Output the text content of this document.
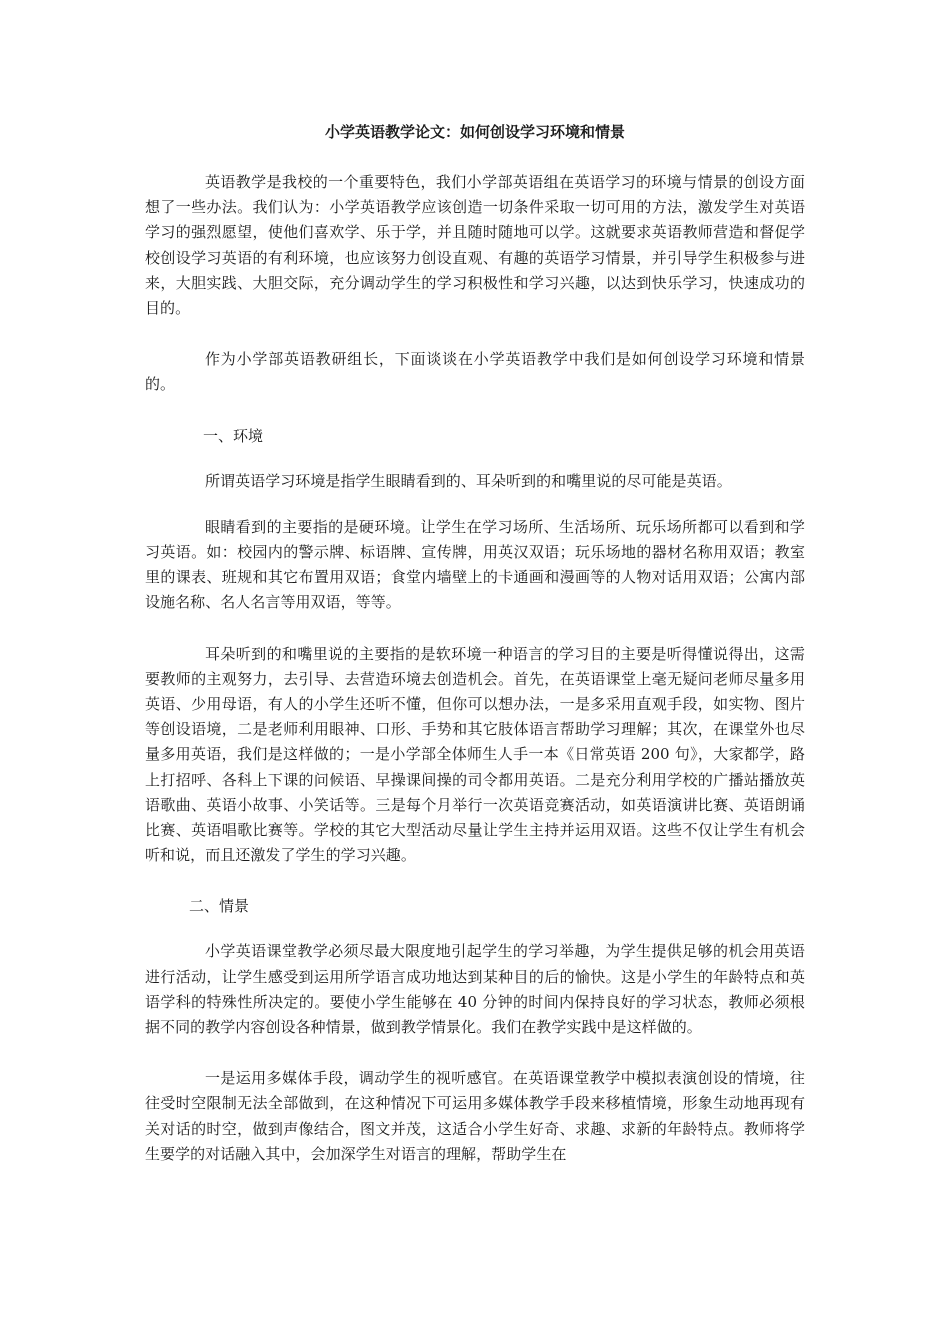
小学英语教学论文：如何创设学习环境和情景

英语教学是我校的一个重要特色，我们小学部英语组在英语学习的环境与情景的创设方面想了一些办法。我们认为：小学英语教学应该创造一切条件采取一切可用的方法，激发学生对英语学习的强烈愿望，使他们喜欢学、乐于学，并且随时随地可以学。这就要求英语教师营造和督促学校创设学习英语的有利环境，也应该努力创设直观、有趣的英语学习情景，并引导学生积极参与进来，大胆实践、大胆交际，充分调动学生的学习积极性和学习兴趣，以达到快乐学习，快速成功的目的。

作为小学部英语教研组长，下面谈谈在小学英语教学中我们是如何创设学习环境和情景的。

一、环境

所谓英语学习环境是指学生眼睛看到的、耳朵听到的和嘴里说的尽可能是英语。

眼睛看到的主要指的是硬环境。让学生在学习场所、生活场所、玩乐场所都可以看到和学习英语。如：校园内的警示牌、标语牌、宣传牌，用英汉双语；玩乐场地的器材名称用双语；教室里的课表、班规和其它布置用双语；食堂内墙壁上的卡通画和漫画等的人物对话用双语；公寓内部设施名称、名人名言等用双语，等等。

耳朵听到的和嘴里说的主要指的是软环境一种语言的学习目的主要是听得懂说得出，这需要教师的主观努力，去引导、去营造环境去创造机会。首先，在英语课堂上毫无疑问老师尽量多用英语、少用母语，有人的小学生还听不懂，但你可以想办法，一是多采用直观手段，如实物、图片等创设语境，二是老师利用眼神、口形、手势和其它肢体语言帮助学习理解；其次，在课堂外也尽量多用英语，我们是这样做的；一是小学部全体师生人手一本《日常英语 200 句》，大家都学，路上打招呼、各科上下课的问候语、早操课间操的司令都用英语。二是充分利用学校的广播站播放英语歌曲、英语小故事、小笑话等。三是每个月举行一次英语竞赛活动，如英语演讲比赛、英语朗诵比赛、英语唱歌比赛等。学校的其它大型活动尽量让学生主持并运用双语。这些不仅让学生有机会听和说，而且还激发了学生的学习兴趣。

二、情景

小学英语课堂教学必须尽最大限度地引起学生的学习举趣，为学生提供足够的机会用英语进行活动，让学生感受到运用所学语言成功地达到某种目的后的愉快。这是小学生的年龄特点和英语学科的特殊性所决定的。要使小学生能够在 40 分钟的时间内保持良好的学习状态，教师必须根据不同的教学内容创设各种情景，做到教学情景化。我们在教学实践中是这样做的。

一是运用多媒体手段，调动学生的视听感官。在英语课堂教学中模拟表演创设的情境，往往受时空限制无法全部做到，在这种情况下可运用多媒体教学手段来移植情境，形象生动地再现有关对话的时空，做到声像结合，图文并茂，这适合小学生好奇、求趣、求新的年龄特点。教师将学生要学的对话融入其中，会加深学生对语言的理解，帮助学生在
